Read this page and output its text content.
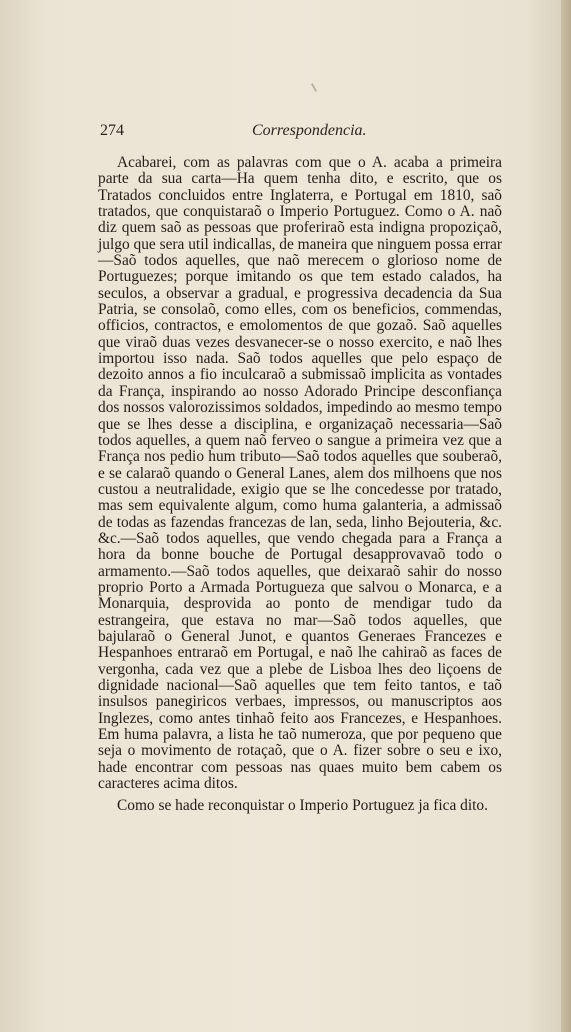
274	Correspondencia.

Acabarei, com as palavras com que o A. acaba a primeira parte da sua carta—Ha quem tenha dito, e escrito, que os Tratados concluidos entre Inglaterra, e Portugal em 1810, saõ tratados, que conquistaraõ o Imperio Portuguez. Como o A. naõ diz quem saõ as pessoas que proferiraõ esta indigna propoziçaõ, julgo que sera util indicallas, de maneira que ninguem possa errar—Saõ todos aquelles, que naõ merecem o glorioso nome de Portuguezes; porque imitando os que tem estado calados, ha seculos, a observar a gradual, e progressiva decadencia da Sua Patria, se consolaõ, como elles, com os beneficios, commendas, officios, contractos, e emolomentos de que gozaõ. Saõ aquelles que viraõ duas vezes desvanecer-se o nosso exercito, e naõ lhes importou isso nada. Saõ todos aquelles que pelo espaço de dezoito annos a fio inculcaraõ a submissaõ implicita as vontades da França, inspirando ao nosso Adorado Principe desconfiança dos nossos valorozissimos soldados, impedindo ao mesmo tempo que se lhes desse a disciplina, e organizaçaõ necessaria—Saõ todos aquelles, a quem naõ ferveo o sangue a primeira vez que a França nos pedio hum tributo—Saõ todos aquelles que souberaõ, e se calaraõ quando o General Lanes, alem dos milhoens que nos custou a neutralidade, exigio que se lhe concedesse por tratado, mas sem equivalente algum, como huma galanteria, a admissaõ de todas as fazendas francezas de lan, seda, linho Bejouteria, &c. &c.—Saõ todos aquelles, que vendo chegada para a França a hora da bonne bouche de Portugal desapprovavaõ todo o armamento.—Saõ todos aquelles, que deixaraõ sahir do nosso proprio Porto a Armada Portugueza que salvou o Monarca, e a Monarquia, desprovida ao ponto de mendigar tudo da estrangeira, que estava no mar—Saõ todos aquelles, que bajularaõ o General Junot, e quantos Generaes Francezes e Hespanhoes entraraõ em Portugal, e naõ lhe cahiraõ as faces de vergonha, cada vez que a plebe de Lisboa lhes deo liçoens de dignidade nacional—Saõ aquelles que tem feito tantos, e taõ insulsos panegiricos verbaes, impressos, ou manuscriptos aos Inglezes, como antes tinhaõ feito aos Francezes, e Hespanhoes. Em huma palavra, a lista he taõ numeroza, que por pequeno que seja o movimento de rotaçaõ, que o A. fizer sobre o seu e ixo, hade encontrar com pessoas nas quaes muito bem cabem os caracteres acima ditos.

Como se hade reconquistar o Imperio Portuguez ja fica dito.
